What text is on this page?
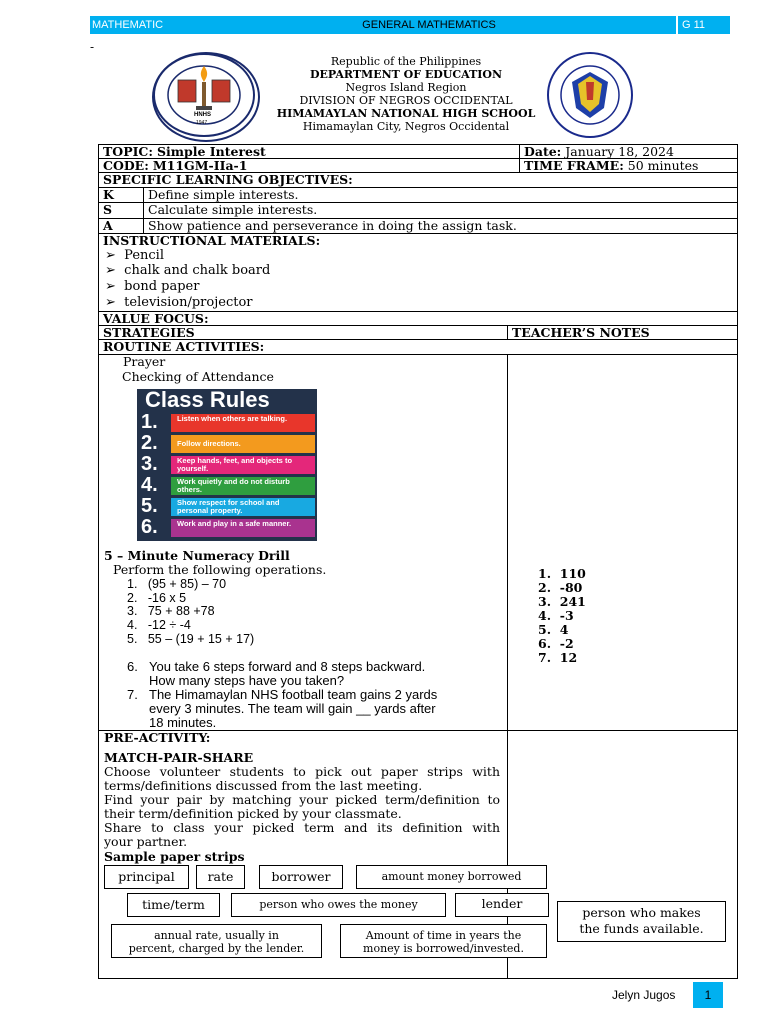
MATHEMATIC	GENERAL MATHEMATICS	G 11
-
HNHS
1947
Republic of the Philippines
DEPARTMENT OF EDUCATION
Negros Island Region
DIVISION OF NEGROS OCCIDENTAL
HIMAMAYLAN NATIONAL HIGH SCHOOL
Himamaylan City, Negros Occidental
TOPIC: Simple Interest	Date: January 18, 2024
CODE: M11GM-IIa-1	TIME FRAME: 50 minutes
SPECIFIC LEARNING OBJECTIVES:
K	Define simple interests.
S	Calculate simple interests.
A	Show patience and perseverance in doing the assign task.
INSTRUCTIONAL MATERIALS:
➢ Pencil
➢ chalk and chalk board
➢ bond paper
➢ television/projector
VALUE FOCUS:
STRATEGIES	TEACHER’S NOTES
ROUTINE ACTIVITIES:
Prayer
Checking of Attendance
Class Rules
1.	Listen when others are talking.
2.	Follow directions.
3.	Keep hands, feet, and objects to yourself.
4.	Work quietly and do not disturb others.
5.	Show respect for school and personal property.
6.	Work and play in a safe manner.
5 – Minute Numeracy Drill
Perform the following operations.
1. (95 + 85) – 70
2. -16 x 5
3. 75 + 88 +78
4. -12 ÷ -4
5. 55 – (19 + 15 + 17)
6. You take 6 steps forward and 8 steps backward.
How many steps have you taken?
7. The Himamaylan NHS football team gains 2 yards
every 3 minutes. The team will gain __ yards after
18 minutes.
1. 110
2. -80
3. 241
4. -3
5. 4
6. -2
7. 12
PRE-ACTIVITY:
MATCH-PAIR-SHARE
Choose volunteer students to pick out paper strips with
terms/definitions discussed from the last meeting.
Find your pair by matching your picked term/definition to
their term/definition picked by your classmate.
Share to class your picked term and its definition with
your partner.
Sample paper strips
principal	rate	borrower	amount money borrowed
time/term	person who owes the money	lender
person who makes
the funds available.
annual rate, usually in
percent, charged by the lender.
Amount of time in years the
money is borrowed/invested.
Jelyn Jugos	1
